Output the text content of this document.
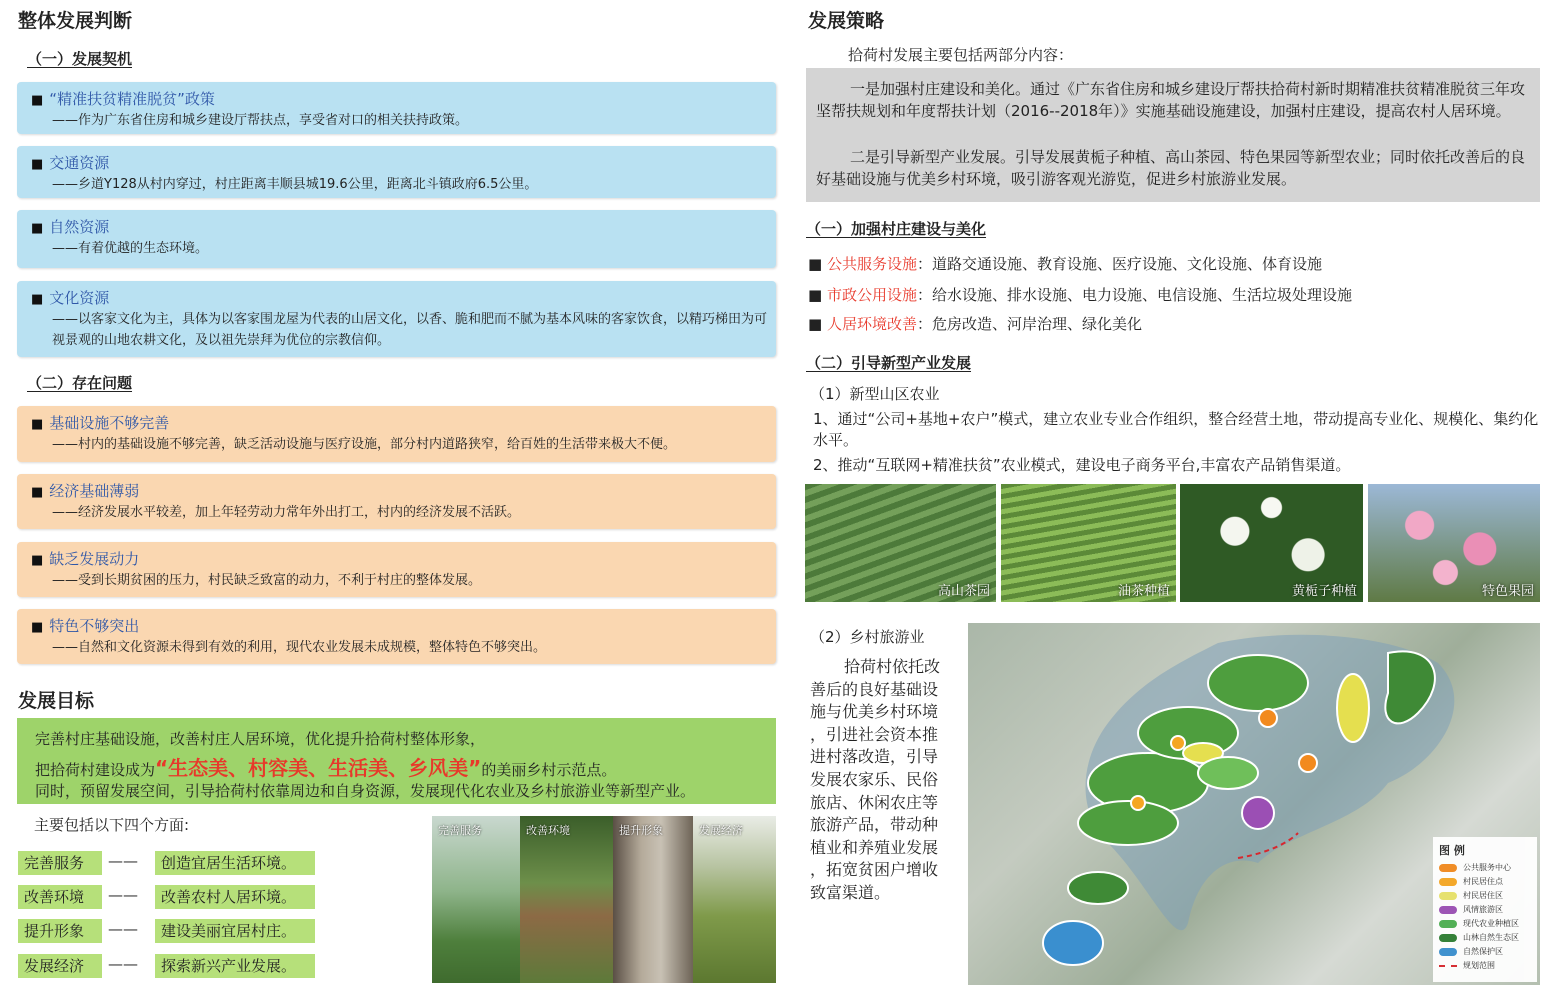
整体发展判断
（一）发展契机
■ “精准扶贫精准脱贫”政策
——作为广东省住房和城乡建设厅帮扶点，享受省对口的相关扶持政策。
■ 交通资源
——乡道Y128从村内穿过，村庄距离丰顺县城19.6公里，距离北斗镇政府6.5公里。
■ 自然资源
——有着优越的生态环境。
■ 文化资源
——以客家文化为主，具体为以客家围龙屋为代表的山居文化，以香、脆和肥而不腻为基本风味的客家饮食，以精巧梯田为可视景观的山地农耕文化，及以祖先崇拜为优位的宗教信仰。
（二）存在问题
■ 基础设施不够完善
——村内的基础设施不够完善，缺乏活动设施与医疗设施，部分村内道路狭窄，给百姓的生活带来极大不便。
■ 经济基础薄弱
——经济发展水平较差，加上年轻劳动力常年外出打工，村内的经济发展不活跃。
■ 缺乏发展动力
——受到长期贫困的压力，村民缺乏致富的动力，不利于村庄的整体发展。
■ 特色不够突出
——自然和文化资源未得到有效的利用，现代农业发展未成规模，整体特色不够突出。
发展目标
完善村庄基础设施，改善村庄人居环境，优化提升拾荷村整体形象，
把拾荷村建设成为“生态美、村容美、生活美、乡风美”的美丽乡村示范点。
同时，预留发展空间，引导拾荷村依靠周边和自身资源，发展现代化农业及乡村旅游业等新型产业。
主要包括以下四个方面:
完善服务	——	创造宜居生活环境。
改善环境	——	改善农村人居环境。
提升形象	——	建设美丽宜居村庄。
发展经济	——	探索新兴产业发展。
完善服务	改善环境	提升形象	发展经济
发展策略
拾荷村发展主要包括两部分内容：
一是加强村庄建设和美化。通过《广东省住房和城乡建设厅帮扶拾荷村新时期精准扶贫精准脱贫三年攻坚帮扶规划和年度帮扶计划（2016--2018年）》实施基础设施建设，加强村庄建设，提高农村人居环境。
二是引导新型产业发展。引导发展黄栀子种植、高山茶园、特色果园等新型农业；同时依托改善后的良好基础设施与优美乡村环境，吸引游客观光游览，促进乡村旅游业发展。
（一）加强村庄建设与美化
■ 公共服务设施：道路交通设施、教育设施、医疗设施、文化设施、体育设施
■ 市政公用设施：给水设施、排水设施、电力设施、电信设施、生活垃圾处理设施
■ 人居环境改善：危房改造、河岸治理、绿化美化
（二）引导新型产业发展
（1）新型山区农业
1、通过“公司+基地+农户”模式，建立农业专业合作组织，整合经营土地，带动提高专业化、规模化、集约化水平。
2、推动“互联网+精准扶贫”农业模式，建设电子商务平台,丰富农产品销售渠道。
高山茶园	油茶种植	黄栀子种植	特色果园
（2）乡村旅游业
拾荷村依托改
善后的良好基础设
施与优美乡村环境
，引进社会资本推
进村落改造，引导
发展农家乐、民俗
旅店、休闲农庄等
旅游产品，带动种
植业和养殖业发展
，拓宽贫困户增收
致富渠道。
图 例
公共服务中心
村民居住点
村民居住区
风情旅游区
现代农业种植区
山林自然生态区
自然保护区
规划范围
